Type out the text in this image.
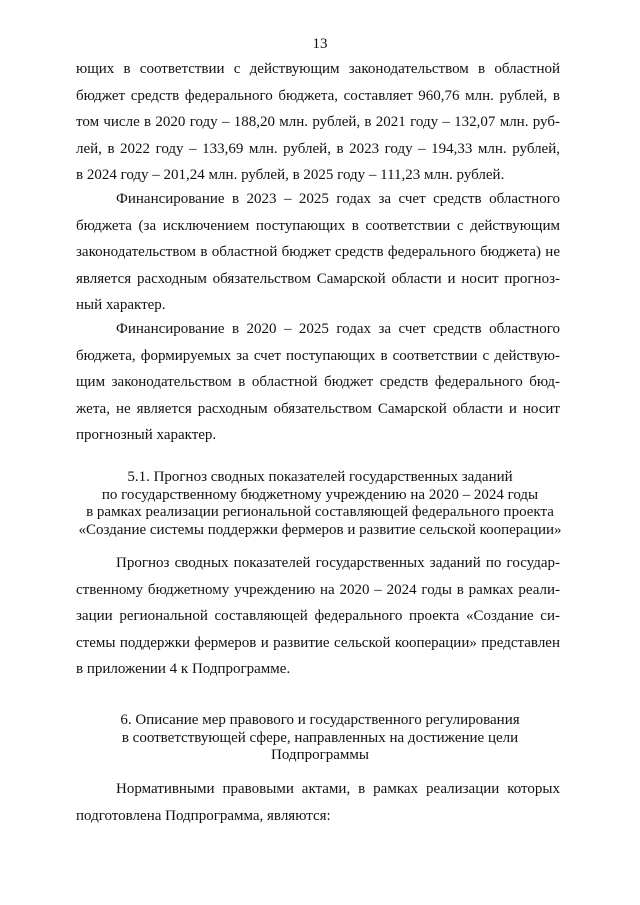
13
ющих в соответствии с действующим законодательством в областной
бюджет средств федерального бюджета, составляет 960,76 млн. рублей, в
том числе в 2020 году – 188,20 млн. рублей, в 2021 году – 132,07 млн. руб-
лей, в 2022 году – 133,69 млн. рублей, в 2023 году – 194,33 млн. рублей,
в 2024 году – 201,24 млн. рублей, в 2025 году – 111,23 млн. рублей.
Финансирование в 2023 – 2025 годах за счет средств областного
бюджета (за исключением поступающих в соответствии с действующим
законодательством в областной бюджет средств федерального бюджета) не
является расходным обязательством Самарской области и носит прогноз-
ный характер.
Финансирование в 2020 – 2025 годах за счет средств областного
бюджета, формируемых за счет поступающих в соответствии с действую-
щим законодательством в областной бюджет средств федерального бюд-
жета, не является расходным обязательством Самарской области и носит
прогнозный характер.
5.1. Прогноз сводных показателей государственных заданий
по государственному бюджетному учреждению на 2020 – 2024 годы
в рамках реализации региональной составляющей федерального проекта
«Создание системы поддержки фермеров и развитие сельской кооперации»
Прогноз сводных показателей государственных заданий по государ-
ственному бюджетному учреждению на 2020 – 2024 годы в рамках реали-
зации региональной составляющей федерального проекта «Создание си-
стемы поддержки фермеров и развитие сельской кооперации» представлен
в приложении 4 к Подпрограмме.
6. Описание мер правового и государственного регулирования
в соответствующей сфере, направленных на достижение цели
Подпрограммы
Нормативными правовыми актами, в рамках реализации которых
подготовлена Подпрограмма, являются:
